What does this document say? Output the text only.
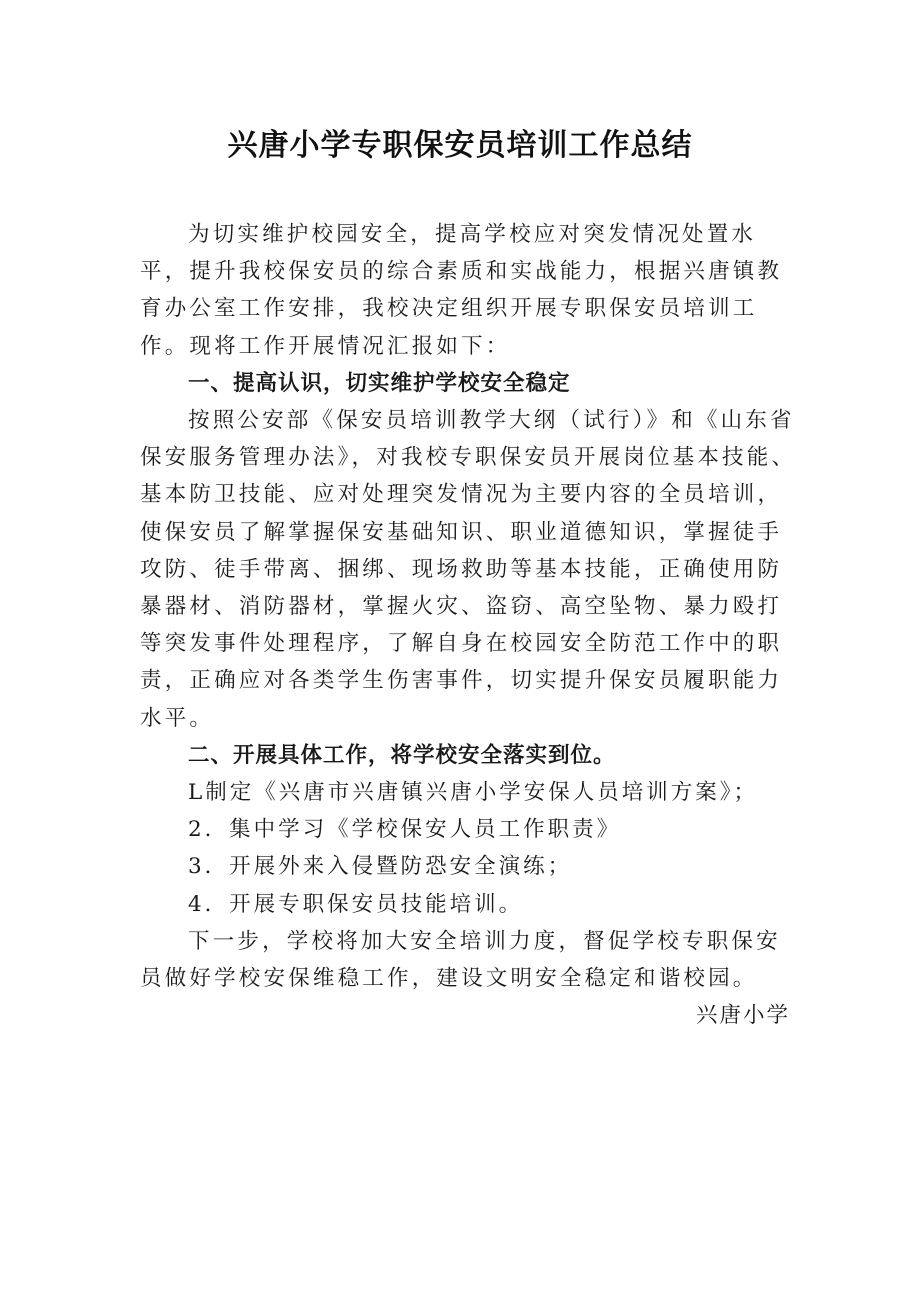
兴唐小学专职保安员培训工作总结

为切实维护校园安全，提高学校应对突发情况处置水平，提升我校保安员的综合素质和实战能力，根据兴唐镇教育办公室工作安排，我校决定组织开展专职保安员培训工作。现将工作开展情况汇报如下：

一、提高认识，切实维护学校安全稳定

按照公安部《保安员培训教学大纲（试行）》和《山东省保安服务管理办法》，对我校专职保安员开展岗位基本技能、基本防卫技能、应对处理突发情况为主要内容的全员培训，使保安员了解掌握保安基础知识、职业道德知识，掌握徒手攻防、徒手带离、捆绑、现场救助等基本技能，正确使用防暴器材、消防器材，掌握火灾、盗窃、高空坠物、暴力殴打等突发事件处理程序，了解自身在校园安全防范工作中的职责，正确应对各类学生伤害事件，切实提升保安员履职能力水平。

二、开展具体工作，将学校安全落实到位。

L制定《兴唐市兴唐镇兴唐小学安保人员培训方案》；

2．集中学习《学校保安人员工作职责》

3．开展外来入侵暨防恐安全演练；

4．开展专职保安员技能培训。

下一步，学校将加大安全培训力度，督促学校专职保安员做好学校安保维稳工作，建设文明安全稳定和谐校园。

兴唐小学
